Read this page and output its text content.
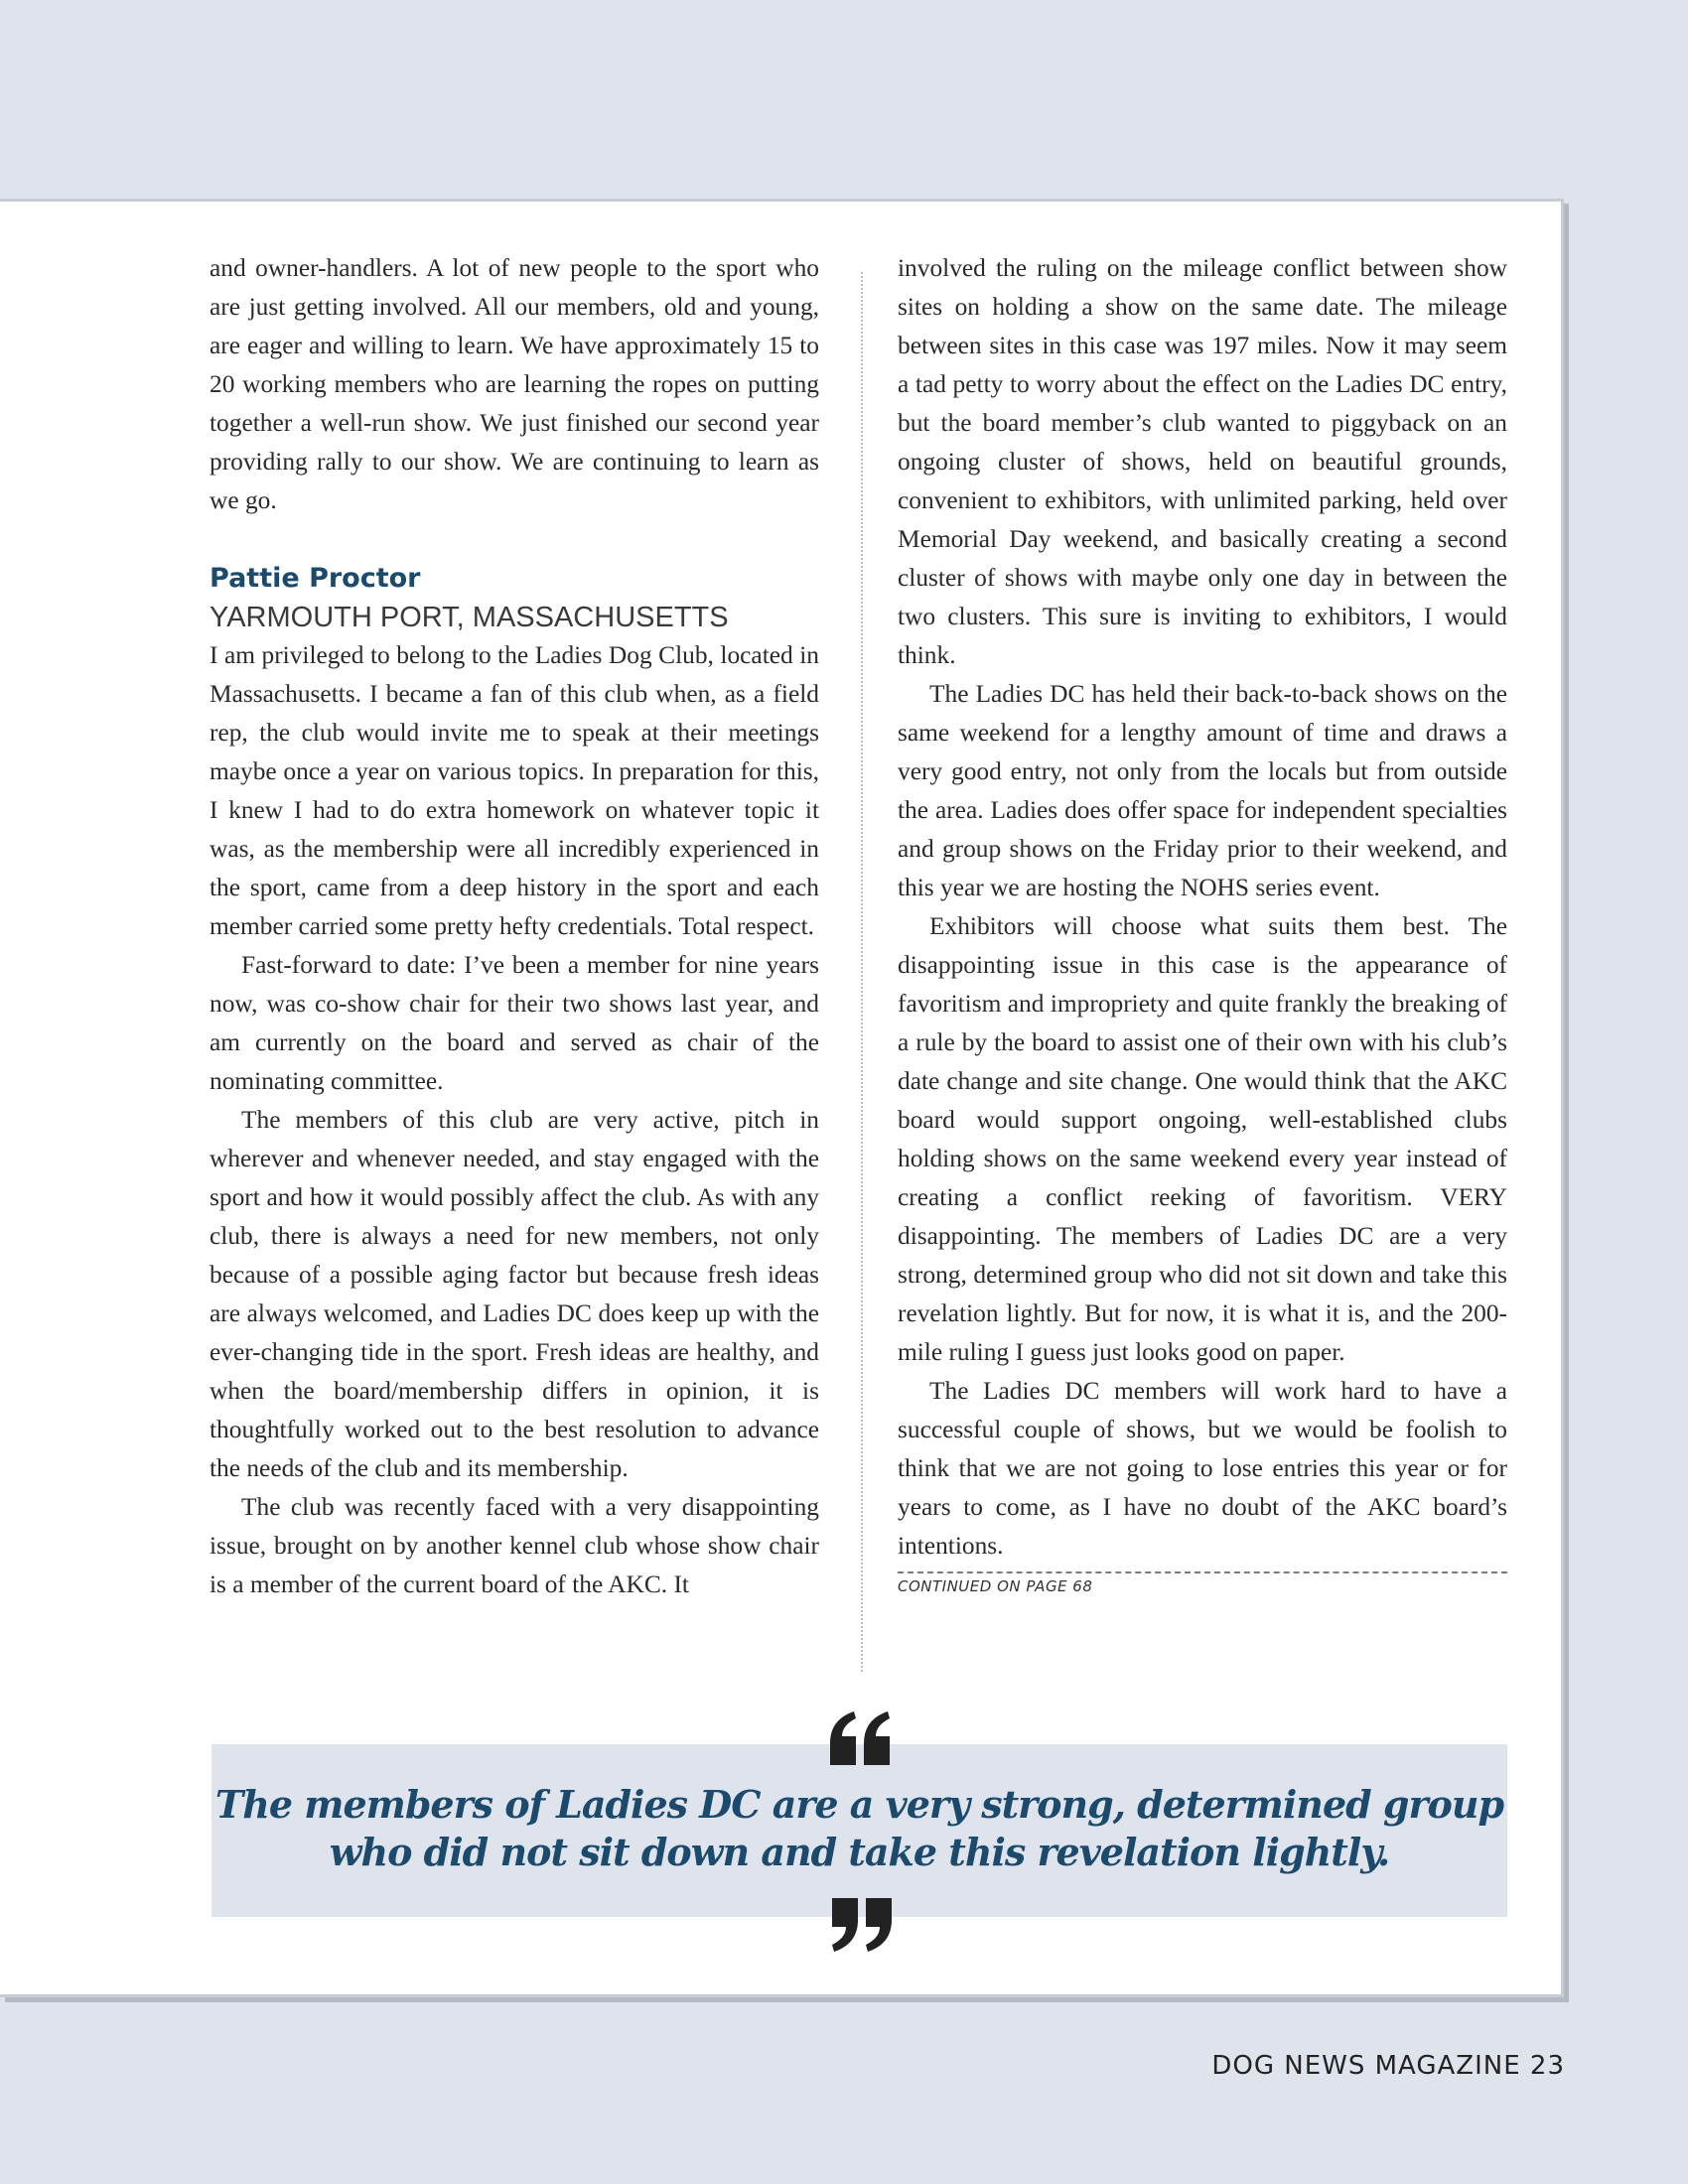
and owner-handlers. A lot of new people to the sport who are just getting involved. All our members, old and young, are eager and willing to learn. We have approximately 15 to 20 working members who are learning the ropes on putting together a well-run show. We just finished our second year providing rally to our show. We are continuing to learn as we go.

Pattie Proctor
YARMOUTH PORT, MASSACHUSETTS

I am privileged to belong to the Ladies Dog Club, located in Massachusetts. I became a fan of this club when, as a field rep, the club would invite me to speak at their meetings maybe once a year on various topics. In preparation for this, I knew I had to do extra homework on whatever topic it was, as the membership were all incredibly experienced in the sport, came from a deep history in the sport and each member carried some pretty hefty credentials. Total respect.

Fast-forward to date: I’ve been a member for nine years now, was co-show chair for their two shows last year, and am currently on the board and served as chair of the nominating committee.

The members of this club are very active, pitch in wherever and whenever needed, and stay engaged with the sport and how it would possibly affect the club. As with any club, there is always a need for new members, not only because of a possible aging factor but because fresh ideas are always welcomed, and Ladies DC does keep up with the ever-changing tide in the sport. Fresh ideas are healthy, and when the board/membership differs in opinion, it is thoughtfully worked out to the best resolution to advance the needs of the club and its membership.

The club was recently faced with a very disappointing issue, brought on by another kennel club whose show chair is a member of the current board of the AKC. It

involved the ruling on the mileage conflict between show sites on holding a show on the same date. The mileage between sites in this case was 197 miles. Now it may seem a tad petty to worry about the effect on the Ladies DC entry, but the board member’s club wanted to piggyback on an ongoing cluster of shows, held on beautiful grounds, convenient to exhibitors, with unlimited parking, held over Memorial Day weekend, and basically creating a second cluster of shows with maybe only one day in between the two clusters. This sure is inviting to exhibitors, I would think.

The Ladies DC has held their back-to-back shows on the same weekend for a lengthy amount of time and draws a very good entry, not only from the locals but from outside the area. Ladies does offer space for independent specialties and group shows on the Friday prior to their weekend, and this year we are hosting the NOHS series event.

Exhibitors will choose what suits them best. The disappointing issue in this case is the appearance of favoritism and impropriety and quite frankly the breaking of a rule by the board to assist one of their own with his club’s date change and site change. One would think that the AKC board would support ongoing, well-established clubs holding shows on the same weekend every year instead of creating a conflict reeking of favoritism. VERY disappointing. The members of Ladies DC are a very strong, determined group who did not sit down and take this revelation lightly. But for now, it is what it is, and the 200-mile ruling I guess just looks good on paper.

The Ladies DC members will work hard to have a successful couple of shows, but we would be foolish to think that we are not going to lose entries this year or for years to come, as I have no doubt of the AKC board’s intentions.

CONTINUED ON PAGE 68
The members of Ladies DC are a very strong, determined group
who did not sit down and take this revelation lightly.
DOG NEWS MAGAZINE 23
